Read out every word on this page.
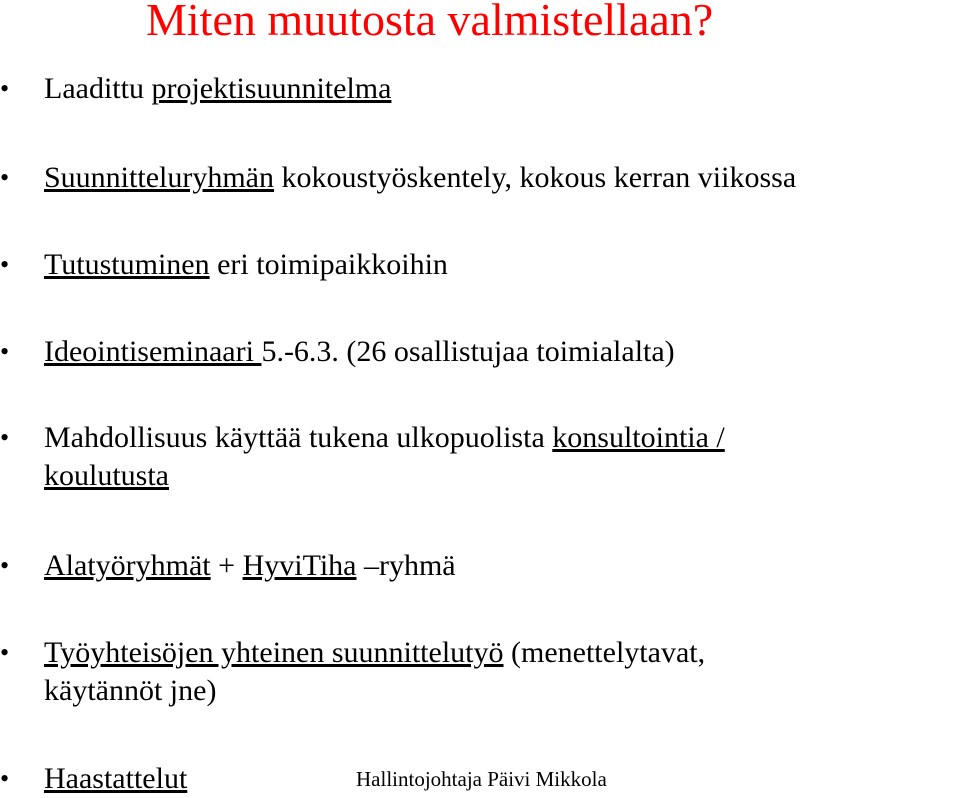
Miten muutosta valmistellaan?
•	Laadittu projektisuunnitelma
•	Suunnitteluryhmän kokoustyöskentely, kokous kerran viikossa
•	Tutustuminen eri toimipaikkoihin
•	Ideointiseminaari 5.-6.3. (26 osallistujaa toimialalta)
•	Mahdollisuus käyttää tukena ulkopuolista konsultointia /
koulutusta
•	Alatyöryhmät + HyviTiha –ryhmä
•	Työyhteisöjen yhteinen suunnittelutyö (menettelytavat,
käytännöt jne)
•	Haastattelut	Hallintojohtaja Päivi Mikkola
